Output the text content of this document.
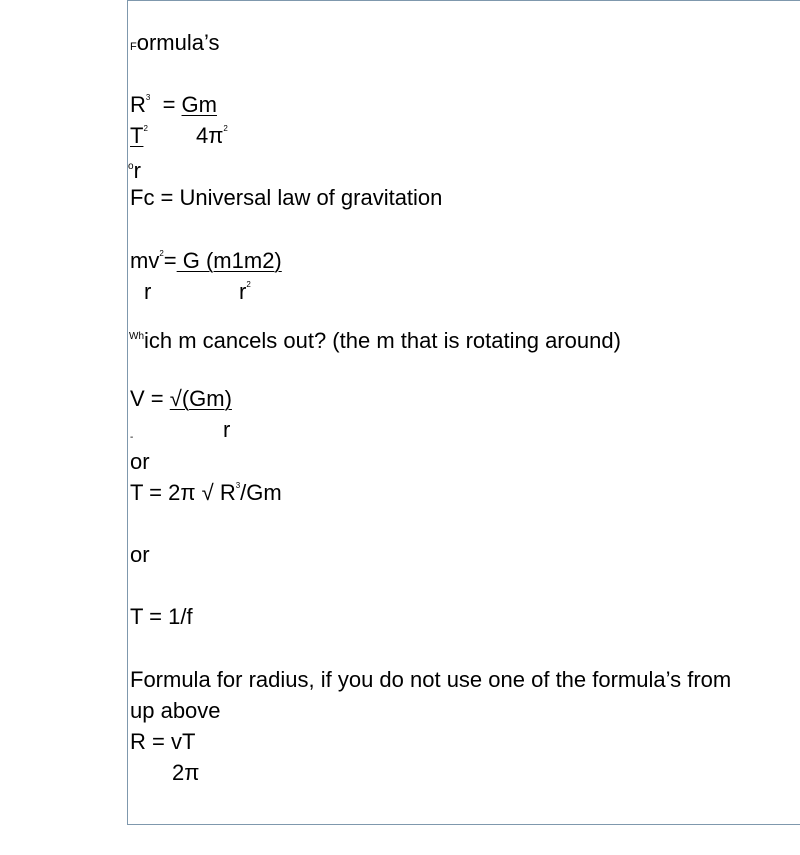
Formula’s
$R^3 = Gm$
$T^2$ $4\pi^2$
$^o$r
Fc = Universal law of gravitation
$mv^2= G$ (m1m2)
r	$r^2$
$^{Wh}$ich m cancels out? (the m that is rotating around)
V = √(Gm)
-	r
or
T = 2π √ $R^3/Gm$
or
T = 1/f
Formula for radius, if you do not use one of the formula’s from
up above
R = vT
2π
